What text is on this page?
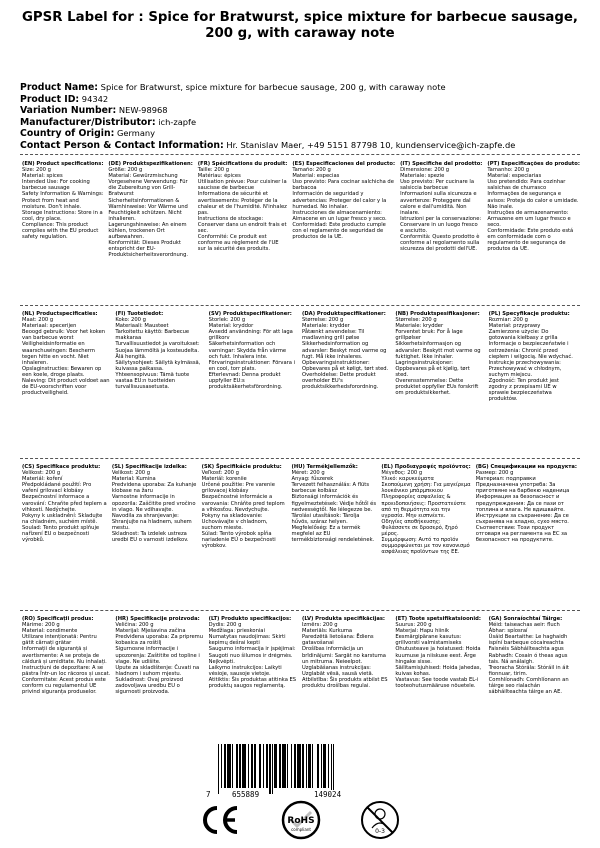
GPSR Label for : Spice for Bratwurst, spice mixture for barbecue sausage, 200 g, with caraway note
Product Name: Spice for Bratwurst, spice mixture for barbecue sausage, 200 g, with caraway note
Product ID: 94342
Variation Number: NEW-98968
Manufacturer/Distributor: ich-zapfe
Country of Origin: Germany
Contact Person & Contact Information: Hr. Stanislav Maer, +49 5151 87798 10, kundenservice@ich-zapfe.de
(EN) Product specifications:
Size: 200 g
Material: spices
Intended Use: For cooking barbecue sausage
Safety Information & Warnings: Protect from heat and moisture. Don't inhale.
Storage Instructions: Store in a cool, dry place.
Compliance: This product complies with the EU product safety regulation.
(DE) Produktspezifikationen:
Größe: 200 g
Material: Gewürzmischung
Vorgesehene Verwendung: Für die Zubereitung von Grill-Bratwurst
Sicherheitsinformationen & Warnhinweise: Vor Wärme und Feuchtigkeit schützen. Nicht inhalieren.
Lagerungshinweise: An einem kühlen, trockenen Ort aufbewahren.
Konformität: Dieses Produkt entspricht der EU-Produktsicherheitsverordnung.
(FR) Spécifications du produit:
Taille: 200 g
Matériau: épices
Utilisation prévue: Pour cuisiner la saucisse de barbecue
Informations de sécurité et avertissements: Protéger de la chaleur et de l'humidité. N'inhalez pas.
Instructions de stockage: Conserver dans un endroit frais et sec.
Conformité: Ce produit est conforme au règlement de l'UE sur la sécurité des produits.
(ES) Especificaciones del producto:
Tamaño: 200 g
Material: especias
Uso previsto: Para cocinar salchicha de barbacoa
Información de seguridad y advertencias: Proteger del calor y la humedad. No inhalar.
Instrucciones de almacenamiento: Almacene en un lugar fresco y seco.
Conformidad: Este producto cumple con el reglamento de seguridad de productos de la UE.
(IT) Specifiche del prodotto:
Dimensione: 200 g
Materiale: spezie
Uso previsto: Per cucinare la salsiccia barbecue
Informazioni sulla sicurezza e avvertenze: Proteggere dal calore e dall'umidità. Non inalare.
Istruzioni per la conservazione: Conservare in un luogo fresco e asciutto.
Conformità: Questo prodotto è conforme al regolamento sulla sicurezza dei prodotti dell'UE.
(PT) Especificações do produto:
Tamanho: 200 g
Material: especiarias
Uso pretendido: Para cozinhar salsichas de churrasco
Informações de segurança e avisos: Proteja do calor e umidade. Não inale.
Instruções de armazenamento: Armazene em um lugar fresco e seco.
Conformidade: Este produto está em conformidade com o regulamento de segurança de produtos da UE.
(NL) Productspecificaties:
Maat: 200 g
Materiaal: specerijen
Beoogd gebruik: Voor het koken van barbecue worst
Veiligheidsinformatie en waarschuwingen: Bescherm tegen hitte en vocht. Niet inhaleren.
Opslaginstructies: Bewaren op een koele, droge plaats.
Naleving: Dit product voldoet aan de EU-voorschriften voor productveiligheid.
(FI) Tuotetiedot:
Koko: 200 g
Materiaali: Mausteet
Tarkoitettu käyttö: Barbecue makkaraa
Turvallisuustiedot ja varoitukset: Suojaa lämmöltä ja kosteudelta. Älä hengitä.
Säilytysohjeet: Säilytä kylmässä, kuivassa paikassa.
Yhteensopivuus: Tämä tuote vastaa EU:n tuotteiden turvallisuusasetusta.
(SV) Produktspecifikationer:
Storlek: 200 g
Material: kryddor
Avsedd användning: För att laga grillkorv
Säkerhetsinformation och varningar: Skydda från värme och fukt. Inhalera inte.
Förvaringsinstruktioner: Förvara i en cool, torr plats.
Efterlevnad: Denna produkt uppfyller EU:s produktsäkerhetsförordning.
(DA) Produktspecifikationer:
Størrelse: 200 g
Materiale: krydder
Påtænkt anvendelse: Til madlavning grill pølse
Sikkerhedsinformation og advarsler: Beskyt mod varme og fugt. Må ikke inhaleres.
Opbevaringsinstruktioner: Opbevares på et køligt, tørt sted.
Overholdelse: Dette produkt overholder EU's produktsikkerhedsforordning.
(NB) Produktspesifikasjoner:
Størrelse: 200 g
Materiale: krydder
Forventet bruk: For å lage grillpølser
Sikkerhetsinformasjon og advarsler: Beskytt mot varme og fuktighet. Ikke inhaler.
Lagringsinstruksjoner: Oppbevares på et kjølig, tørt sted.
Overensstemmelse: Dette produktet oppfyller EUs forskrift om produktsikkerhet.
(PL) Specyfikacje produktu:
Rozmiar: 200 g
Materiał: przyprawy
Zamierzone użycie: Do gotowania kiełbasy z grilla
Informacje o bezpieczeństwie i ostrzeżenia: Chronić przed ciepłem i wilgocią. Nie wdychać.
Instrukcje przechowywania: Przechowywać w chłodnym, suchym miejscu.
Zgodność: Ten produkt jest zgodny z przepisami UE w sprawie bezpieczeństwa produktów.
(CS) Specifikace produktu:
Velikost: 200 g
Materiál: koření
Předpokládané použití: Pro vaření grilovací klobásy
Bezpečnostní informace a varování: Chraňte před teplem a vlhkostí. Nedýchejte.
Pokyny k uskladnění: Skladujte na chladném, suchém místě.
Soulad: Tento produkt splňuje nařízení EU o bezpečnosti výrobků.
(SL) Specifikacije izdelka:
Velikost: 200 g
Material: Kumina
Predvidena uporaba: Za kuhanje klobase na žaru
Varnostne informacije in opozorila: Zaščitite pred vročino in vlago. Ne vdihavajte.
Navodila za shranjevanje: Shranjujte na hladnem, suhem mestu.
Skladnost: Ta izdelek ustreza uredbi EU o varnosti izdelkov.
(SK) Špecifikácie produktu:
Veľkosť: 200 g
Materiál: koreniie
Určené použitie: Pre varenie grilovacej klobásy
Bezpečnostné informácie a varovania: Chráňte pred teplom a vlhkosťou. Nevdychujte.
Pokyny na skladovanie: Uchovávajte v chladnom, suchom mieste.
Súlad: Tento výrobok spĺňa nariadenie EÚ o bezpečnosti výrobkov.
(HU) Termékjellemzők:
Méret: 200 g
Anyag: fűszerek
Tervezett felhasználás: A flüts barbecue kolbász
Biztonsági információk és figyelmeztetések: Védje hőtől és nedvességtől. Ne lélegezze be.
Tárolási utasítások: Tárolja hűvös, száraz helyen.
Megfelelőség: Ez a termék megfelel az EU termékbiztonsági rendeletének.
(EL) Προδιαγραφές προϊόντος:
Μέγεθος: 200 g
Υλικό: καρυκεύματα
Σκοπούμενη χρήση: Για μαγείρεμα λουκάνικο μπάρμπεκιου
Πληροφορίες ασφαλείας & προειδοποιήσεις: Προστατεύστε από τη θερμότητα και την υγρασία. Μην εισπνέετε.
Οδηγίες αποθήκευσης: Φυλάσσετε σε δροσερό, ξηρό μέρος.
Συμμόρφωση: Αυτό το προϊόν συμμορφώνεται με τον κανονισμό ασφάλειας προϊόντων της ΕΕ.
(BG) Спецификации на продукта:
Размер: 200 g
Материал: подправки
Предназначена употреба: За приготвяне на барбекю наденица
Информация за безопасност и предупреждения: Да се пази от топлина и влага. Не вдишвайте.
Инструкции за съхранение: Да се съхранява на хладно, сухо място.
Съответствие: Този продукт отговаря на регламента на ЕС за безопасност на продуктите.
(RO) Specificații produs:
Mărime: 200 g
Material: condimente
Utilizare intenționată: Pentru gătit cârnați grătar
Informații de siguranță și avertismente: A se proteja de căldură și umiditate. Nu inhalați.
Instrucțiuni de depozitare: A se păstra într-un loc răcoros și uscat.
Conformitate: Acest produs este conform cu regulamentul UE privind siguranța produselor.
(HR) Specifikacije proizvoda:
Veličina: 200 g
Materijal: Mješavina začina
Predviđena uporaba: Za pripremu kobasica za roštilj
Sigurnosne informacije i upozorenja: Zaštitite od topline i vlage. Ne udišite.
Upute za skladištenje: Čuvati na hladnom i suhom mjestu.
Sukladnost: Ovaj proizvod zadovoljava uredbu EU o sigurnosti proizvoda.
(LT) Produkto specifikacijos:
Dydis: 200 g
Medžiaga: prieskoniai
Numatytas naudojimas: Skirti kepimų dešrai kepti
Saugumo informacija ir įspėjimai: Saugoti nuo šilumos ir drėgmės. Neįkvėpti.
Laikymo instrukcijos: Laikyti vėsioje, sausoje vietoje.
Atitiktis: Šis produktas atitinka ES produktų saugos reglamentą.
(LV) Produkta specifikācijas:
Izmērs: 200 g
Materiāls: Kurkuma
Paredzētā lietošana: Ēdiens gatavošanai
Drošības informācija un brīdinājumi: Sargāt no karstuma un mitruma. Neieelpot.
Uzglabāšanas instrukcijas: Uzglabāt vēsā, sausā vietā.
Atbilstība: Šis produkts atbilst ES produktu drošības regulai.
(ET) Toote spetsifikatsioonid:
Suurus: 200 g
Materjal: Hapu hiinik
Eesmärgipärane kasutus: grillvorsti valmistamiseks
Ohutusteave ja hoiatused: Hoida kuumuse ja niiskuse eest. Ärge hingake sisse.
Säilitamisjuhised: Hoida jahedas, kuivas kohas.
Vastavus: See toode vastab EL-i tooteohutusmääruse nõuetele.
(GA) Sonraíochtaí Táirge:
Méid: taiseachas aeir: fluch
Ábhar: spíosraí
Úsáid Beartaithe: Le haghaidh ispíní barbeque cócaireachta
Faisnéis Sábháilteachta agus Rabhadh: Cosain ó theas agus tais. Ná análaigh.
Treoracha Stórála: Stóráil in áit fionnuar, tirim.
Comhlíonadh: Comhlíonann an táirge seo rialachán sábháilteachta táirge an AE.
7	655889	149024
RoHS
compliant	0-3
